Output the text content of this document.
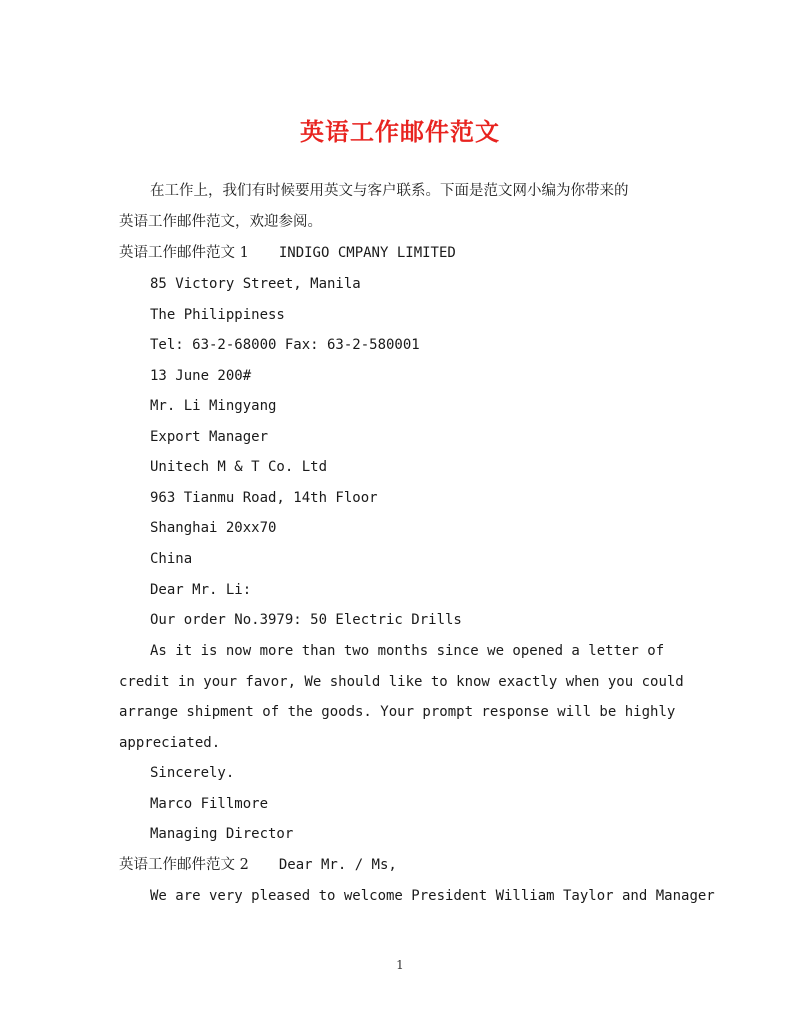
英语工作邮件范文
在工作上，我们有时候要用英文与客户联系。下面是范文网小编为你带来的
英语工作邮件范文，欢迎参阅。
英语工作邮件范文 1 INDIGO CMPANY LIMITED
85 Victory Street, Manila
The Philippiness
Tel: 63-2-68000 Fax: 63-2-580001
13 June 200#
Mr. Li Mingyang
Export Manager
Unitech M & T Co. Ltd
963 Tianmu Road, 14th Floor
Shanghai 20xx70
China
Dear Mr. Li:
Our order No.3979: 50 Electric Drills
As it is now more than two months since we opened a letter of
credit in your favor, We should like to know exactly when you could
arrange shipment of the goods. Your prompt response will be highly
appreciated.
Sincerely.
Marco Fillmore
Managing Director
英语工作邮件范文 2 Dear Mr. / Ms,
We are very pleased to welcome President William Taylor and Manager
1
